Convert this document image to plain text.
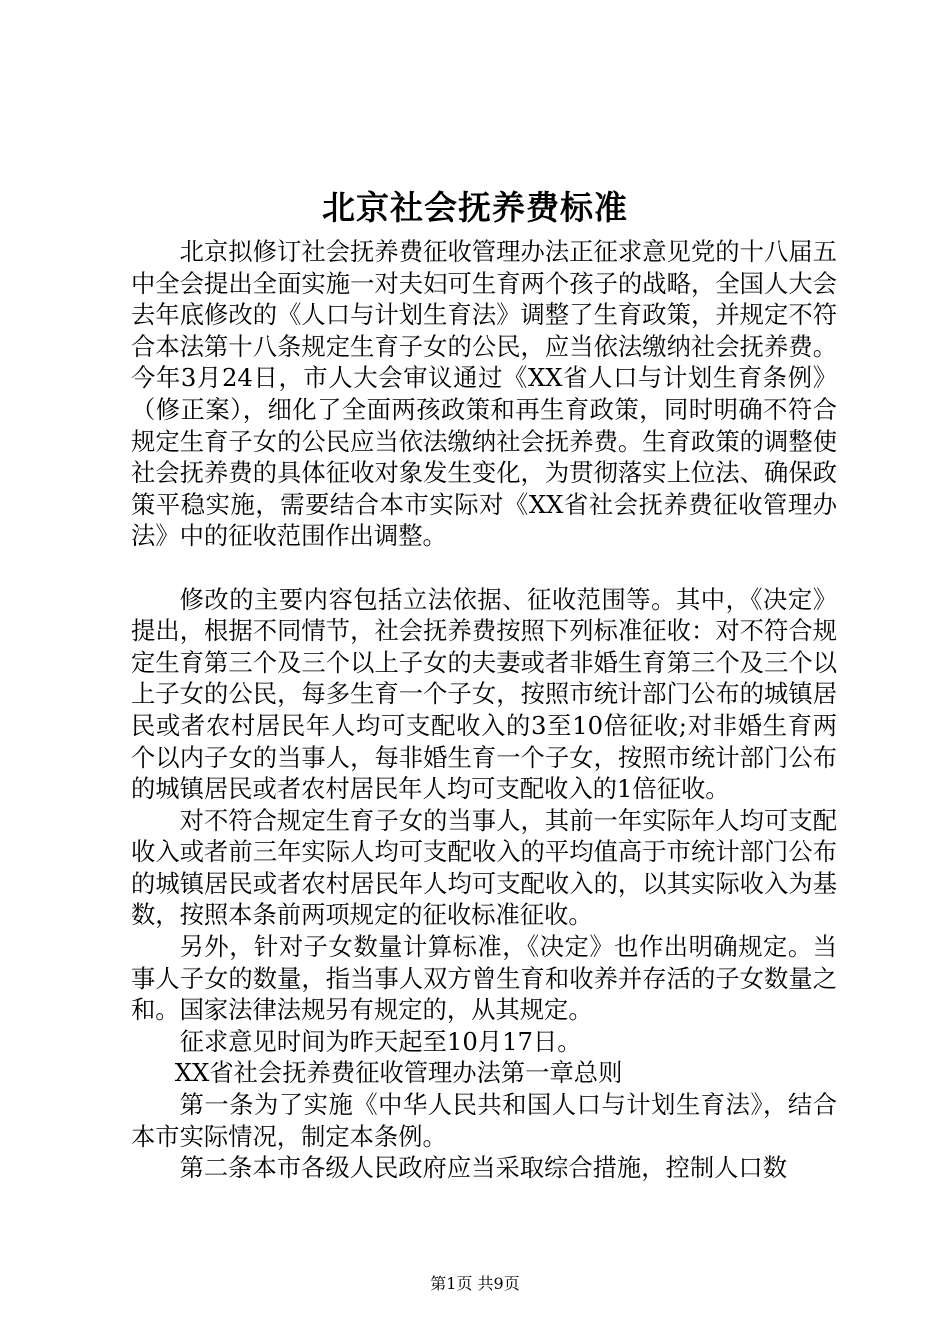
北京社会抚养费标准

北京拟修订社会抚养费征收管理办法正征求意见党的十八届五中全会提出全面实施一对夫妇可生育两个孩子的战略，全国人大会去年底修改的《人口与计划生育法》调整了生育政策，并规定不符合本法第十八条规定生育子女的公民，应当依法缴纳社会抚养费。今年3月24日，市人大会审议通过《XX省人口与计划生育条例》（修正案），细化了全面两孩政策和再生育政策，同时明确不符合规定生育子女的公民应当依法缴纳社会抚养费。生育政策的调整使社会抚养费的具体征收对象发生变化，为贯彻落实上位法、确保政策平稳实施，需要结合本市实际对《XX省社会抚养费征收管理办法》中的征收范围作出调整。

修改的主要内容包括立法依据、征收范围等。其中，《决定》提出，根据不同情节，社会抚养费按照下列标准征收：对不符合规定生育第三个及三个以上子女的夫妻或者非婚生育第三个及三个以上子女的公民，每多生育一个子女，按照市统计部门公布的城镇居民或者农村居民年人均可支配收入的3至10倍征收;对非婚生育两个以内子女的当事人，每非婚生育一个子女，按照市统计部门公布的城镇居民或者农村居民年人均可支配收入的1倍征收。

对不符合规定生育子女的当事人，其前一年实际年人均可支配收入或者前三年实际人均可支配收入的平均值高于市统计部门公布的城镇居民或者农村居民年人均可支配收入的，以其实际收入为基数，按照本条前两项规定的征收标准征收。

另外，针对子女数量计算标准，《决定》也作出明确规定。当事人子女的数量，指当事人双方曾生育和收养并存活的子女数量之和。国家法律法规另有规定的，从其规定。

征求意见时间为昨天起至10月17日。

XX省社会抚养费征收管理办法第一章总则

第一条为了实施《中华人民共和国人口与计划生育法》，结合本市实际情况，制定本条例。

第二条本市各级人民政府应当采取综合措施，控制人口数

第1页 共9页
